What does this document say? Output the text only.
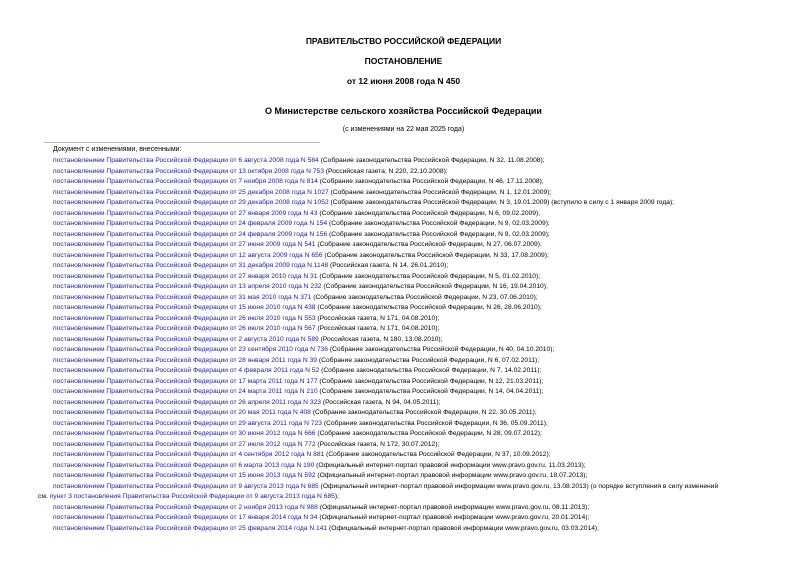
ПРАВИТЕЛЬСТВО РОССИЙСКОЙ ФЕДЕРАЦИИ
ПОСТАНОВЛЕНИЕ
от 12 июня 2008 года N 450
О Министерстве сельского хозяйства Российской Федерации
(с изменениями на 22 мая 2025 года)
Документ с изменениями, внесенными:
постановлением Правительства Российской Федерации от 6 августа 2008 года N 584 (Собрание законодательства Российской Федерации, N 32, 11.08.2008);
постановлением Правительства Российской Федерации от 13 октября 2008 года N 753 (Российская газета, N 220, 22.10.2008);
постановлением Правительства Российской Федерации от 7 ноября 2008 года N 814 (Собрание законодательства Российской Федерации, N 46, 17.11.2008);
постановлением Правительства Российской Федерации от 25 декабря 2008 года N 1027 (Собрание законодательства Российской Федерации, N 1, 12.01.2009);
постановлением Правительства Российской Федерации от 29 декабря 2008 года N 1052 (Собрание законодательства Российской Федерации, N 3, 19.01.2009) (вступило в силу с 1 января 2009 года);
постановлением Правительства Российской Федерации от 27 января 2009 года N 43 (Собрание законодательства Российской Федерации, N 6, 09.02.2009);
постановлением Правительства Российской Федерации от 24 февраля 2009 года N 154 (Собрание законодательства Российской Федерации, N 9, 02.03.2009);
постановлением Правительства Российской Федерации от 24 февраля 2009 года N 156 (Собрание законодательства Российской Федерации, N 9, 02.03.2009);
постановлением Правительства Российской Федерации от 27 июня 2009 года N 541 (Собрание законодательства Российской Федерации, N 27, 06.07.2009);
постановлением Правительства Российской Федерации от 12 августа 2009 года N 656 (Собрание законодательства Российской Федерации, N 33, 17.08.2009);
постановлением Правительства Российской Федерации от 31 декабря 2009 года N 1148 (Российская газета, N 14, 26.01.2010);
постановлением Правительства Российской Федерации от 27 января 2010 года N 31 (Собрание законодательства Российской Федерации, N 5, 01.02.2010);
постановлением Правительства Российской Федерации от 13 апреля 2010 года N 232 (Собрание законодательства Российской Федерации, N 16, 19.04.2010);
постановлением Правительства Российской Федерации от 31 мая 2010 года N 371 (Собрание законодательства Российской Федерации, N 23, 07.06.2010);
постановлением Правительства Российской Федерации от 15 июня 2010 года N 438 (Собрание законодательства Российской Федерации, N 26, 28.06.2010);
постановлением Правительства Российской Федерации от 26 июля 2010 года N 553 (Российская газета, N 171, 04.08.2010);
постановлением Правительства Российской Федерации от 26 июля 2010 года N 567 (Российская газета, N 171, 04.08.2010);
постановлением Правительства Российской Федерации от 2 августа 2010 года N 589 (Российская газета, N 180, 13.08.2010);
постановлением Правительства Российской Федерации от 23 сентября 2010 года N 736 (Собрание законодательства Российской Федерации, N 40, 04.10.2010);
постановлением Правительства Российской Федерации от 28 января 2011 года N 39 (Собрание законодательства Российской Федерации, N 6, 07.02.2011);
постановлением Правительства Российской Федерации от 4 февраля 2011 года N 52 (Собрание законодательства Российской Федерации, N 7, 14.02.2011);
постановлением Правительства Российской Федерации от 17 марта 2011 года N 177 (Собрание законодательства Российской Федерации, N 12, 21.03.2011);
постановлением Правительства Российской Федерации от 24 марта 2011 года N 210 (Собрание законодательства Российской Федерации, N 14, 04.04.2011);
постановлением Правительства Российской Федерации от 26 апреля 2011 года N 323 (Российская газета, N 94, 04.05.2011);
постановлением Правительства Российской Федерации от 20 мая 2011 года N 408 (Собрание законодательства Российской Федерации, N 22, 30.05.2011);
постановлением Правительства Российской Федерации от 29 августа 2011 года N 723 (Собрание законодательства Российской Федерации, N 36, 05.09.2011);
постановлением Правительства Российской Федерации от 30 июня 2012 года N 666 (Собрание законодательства Российской Федерации, N 28, 09.07.2012);
постановлением Правительства Российской Федерации от 27 июля 2012 года N 772 (Российская газета, N 172, 30.07.2012);
постановлением Правительства Российской Федерации от 4 сентября 2012 года N 881 (Собрание законодательства Российской Федерации, N 37, 10.09.2012);
постановлением Правительства Российской Федерации от 6 марта 2013 года N 190 (Официальный интернет-портал правовой информации www.pravo.gov.ru, 11.03.2013);
постановлением Правительства Российской Федерации от 15 июня 2013 года N 592 (Официальный интернет-портал правовой информации www.pravo.gov.ru, 18.07.2013);
постановлением Правительства Российской Федерации от 9 августа 2013 года N 685 (Официальный интернет-портал правовой информации www.pravo.gov.ru, 13.08.2013) (о порядке вступления в силу изменений
см. пункт 3 постановления Правительства Российской Федерации от 9 августа 2013 года N 685);
постановлением Правительства Российской Федерации от 2 ноября 2013 года N 988 (Официальный интернет-портал правовой информации www.pravo.gov.ru, 08.11.2013);
постановлением Правительства Российской Федерации от 17 января 2014 года N 34 (Официальный интернет-портал правовой информации www.pravo.gov.ru, 20.01.2014);
постановлением Правительства Российской Федерации от 25 февраля 2014 года N 141 (Официальный интернет-портал правовой информации www.pravo.gov.ru, 03.03.2014);
